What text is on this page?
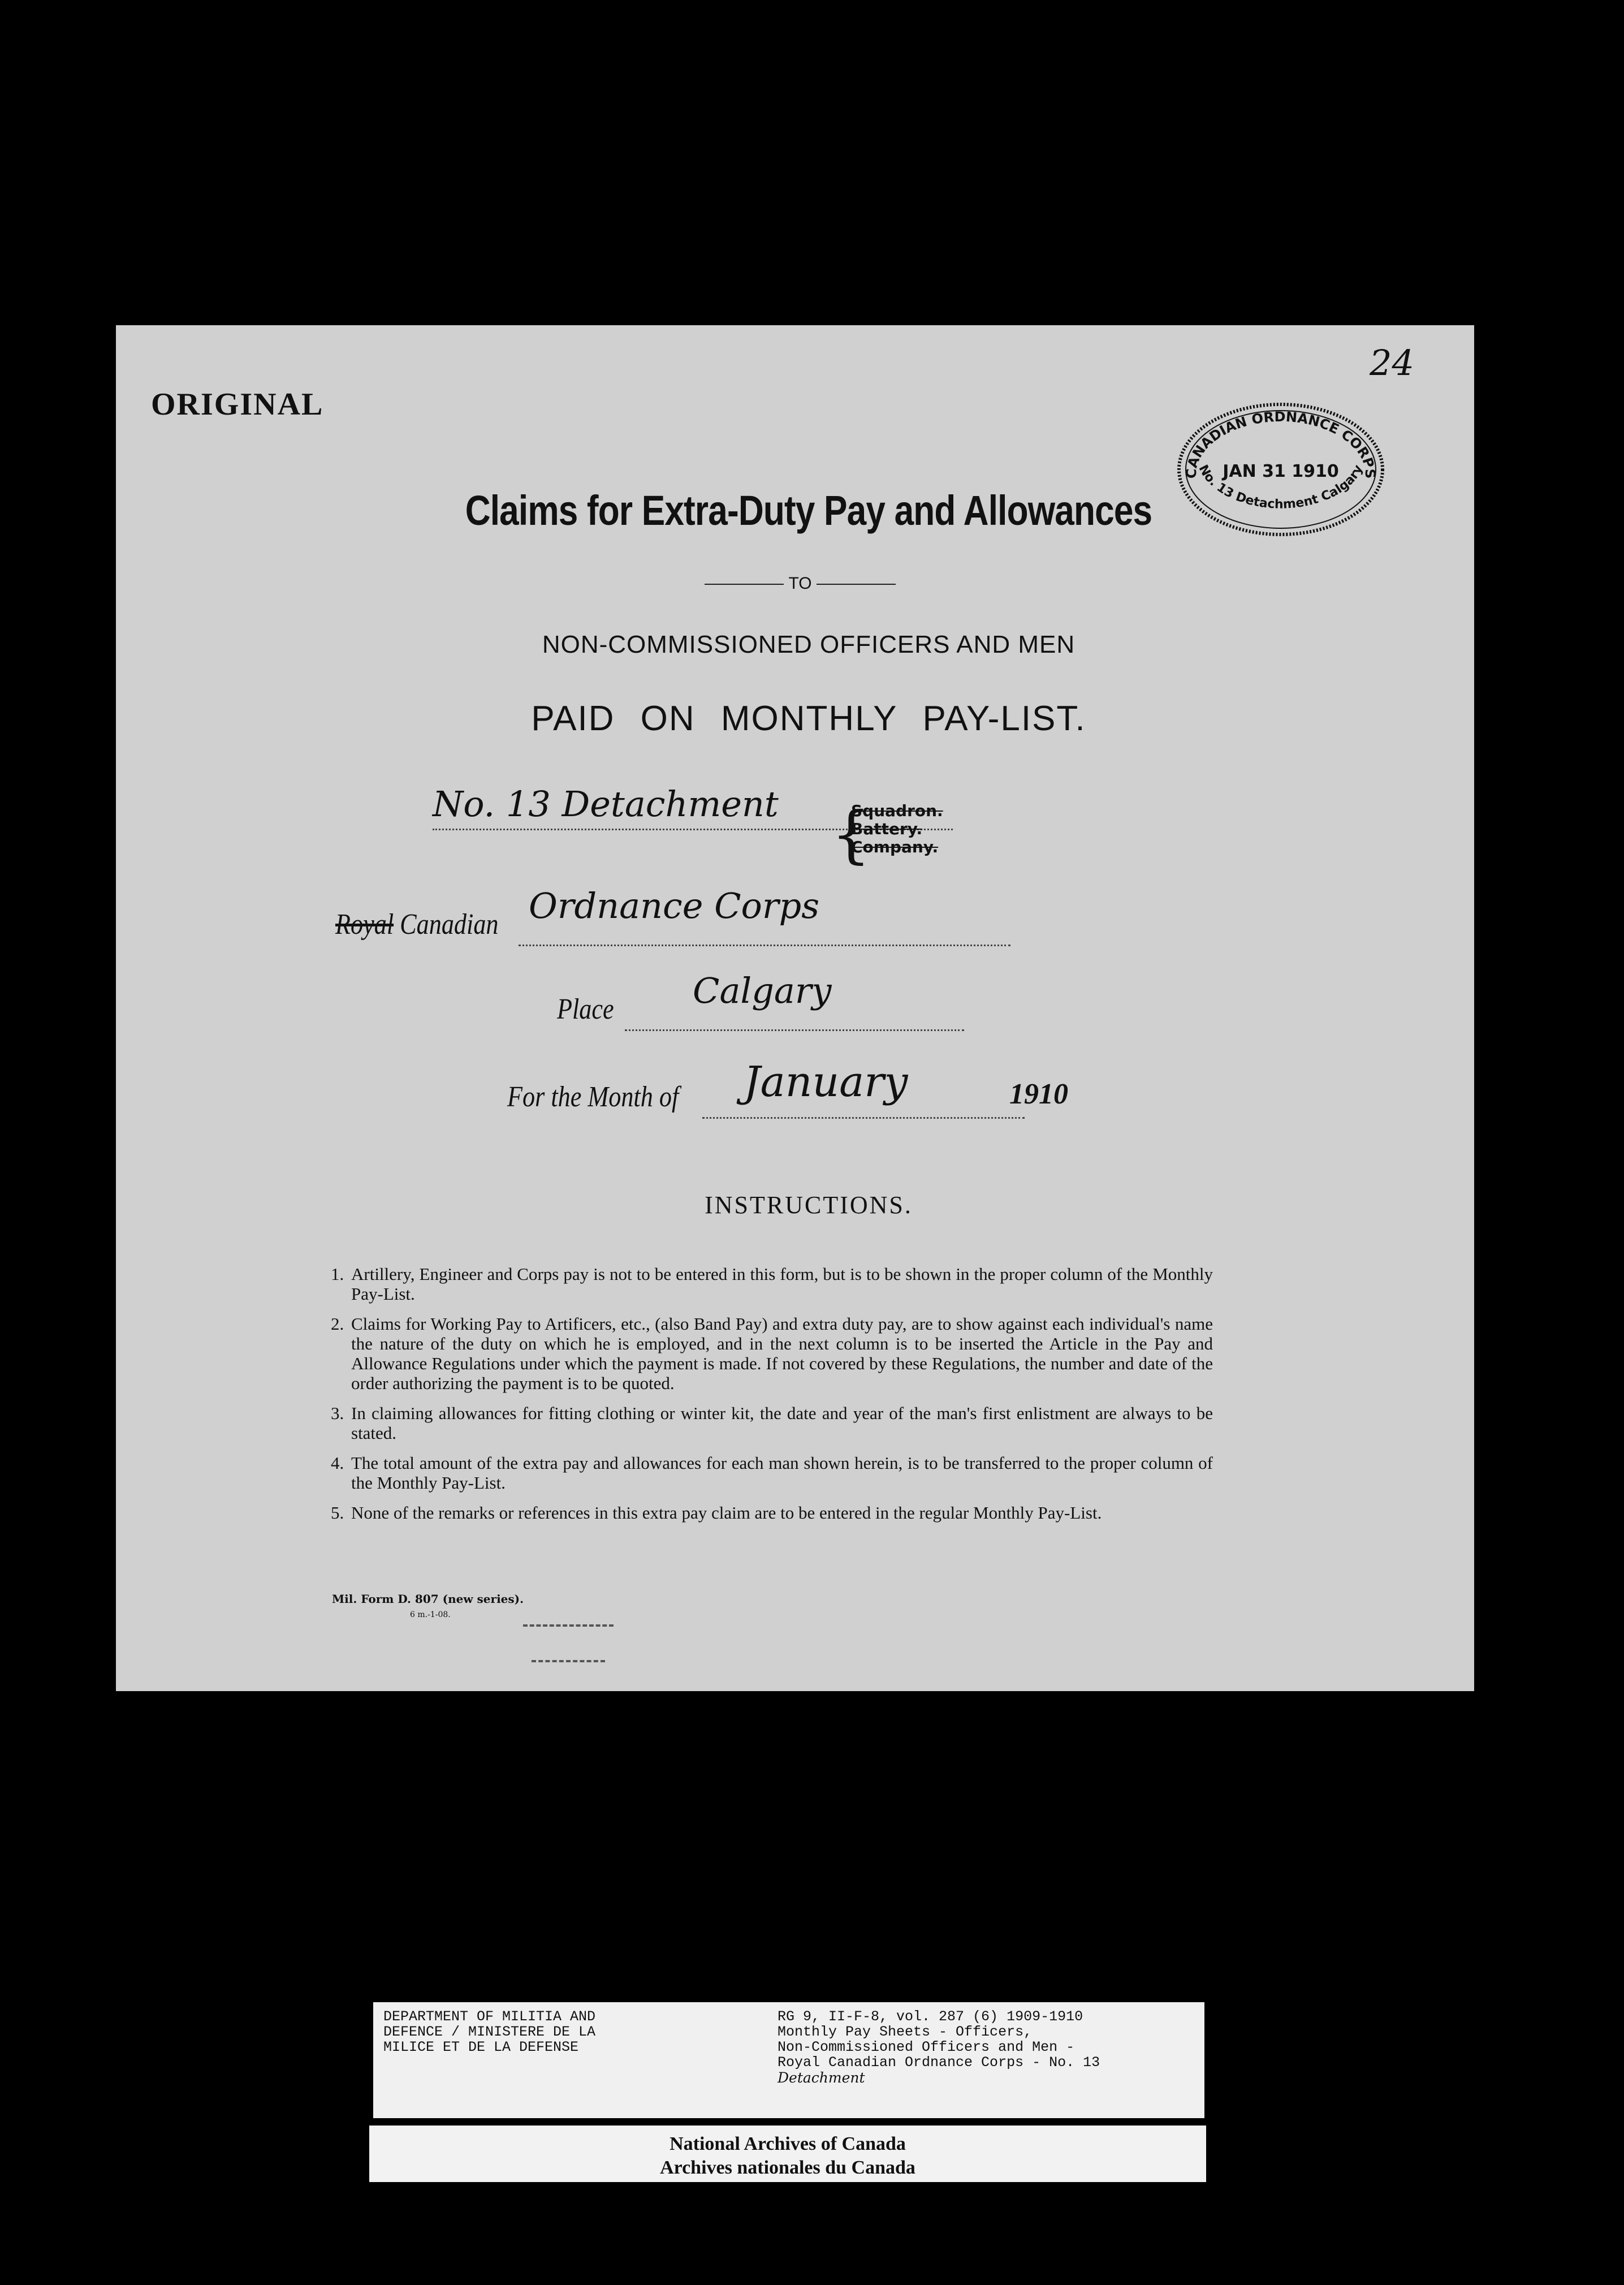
ORIGINAL
24
CANADIAN ORDNANCE CORPS
JAN 31 1910
No. 13 Detachment Calgary
Claims for Extra-Duty Pay and Allowances
TO
NON-COMMISSIONED OFFICERS AND MEN
PAID ON MONTHLY PAY-LIST.
No. 13 Detachment {
Squadron.
Battery.
Company.
Royal Canadian Ordnance Corps
Place Calgary
For the Month of January	1910
INSTRUCTIONS.
1. Artillery, Engineer and Corps pay is not to be entered in this form, but is to be shown in the proper column of the Monthly Pay-List.
2. Claims for Working Pay to Artificers, etc., (also Band Pay) and extra duty pay, are to show against each individual's name the nature of the duty on which he is employed, and in the next column is to be inserted the Article in the Pay and Allowance Regulations under which the payment is made. If not covered by these Regulations, the number and date of the order authorizing the payment is to be quoted.
3. In claiming allowances for fitting clothing or winter kit, the date and year of the man's first enlistment are always to be stated.
4. The total amount of the extra pay and allowances for each man shown herein, is to be transferred to the proper column of the Monthly Pay-List.
5. None of the remarks or references in this extra pay claim are to be entered in the regular Monthly Pay-List.
Mil. Form D. 807 (new series).
6 m.-1-08.
DEPARTMENT OF MILITIA AND
DEFENCE / MINISTERE DE LA
MILICE ET DE LA DEFENSE
RG 9, II-F-8, vol. 287 (6) 1909-1910
Monthly Pay Sheets - Officers,
Non-Commissioned Officers and Men -
Royal Canadian Ordnance Corps - No. 13
Detachment
National Archives of Canada
Archives nationales du Canada
